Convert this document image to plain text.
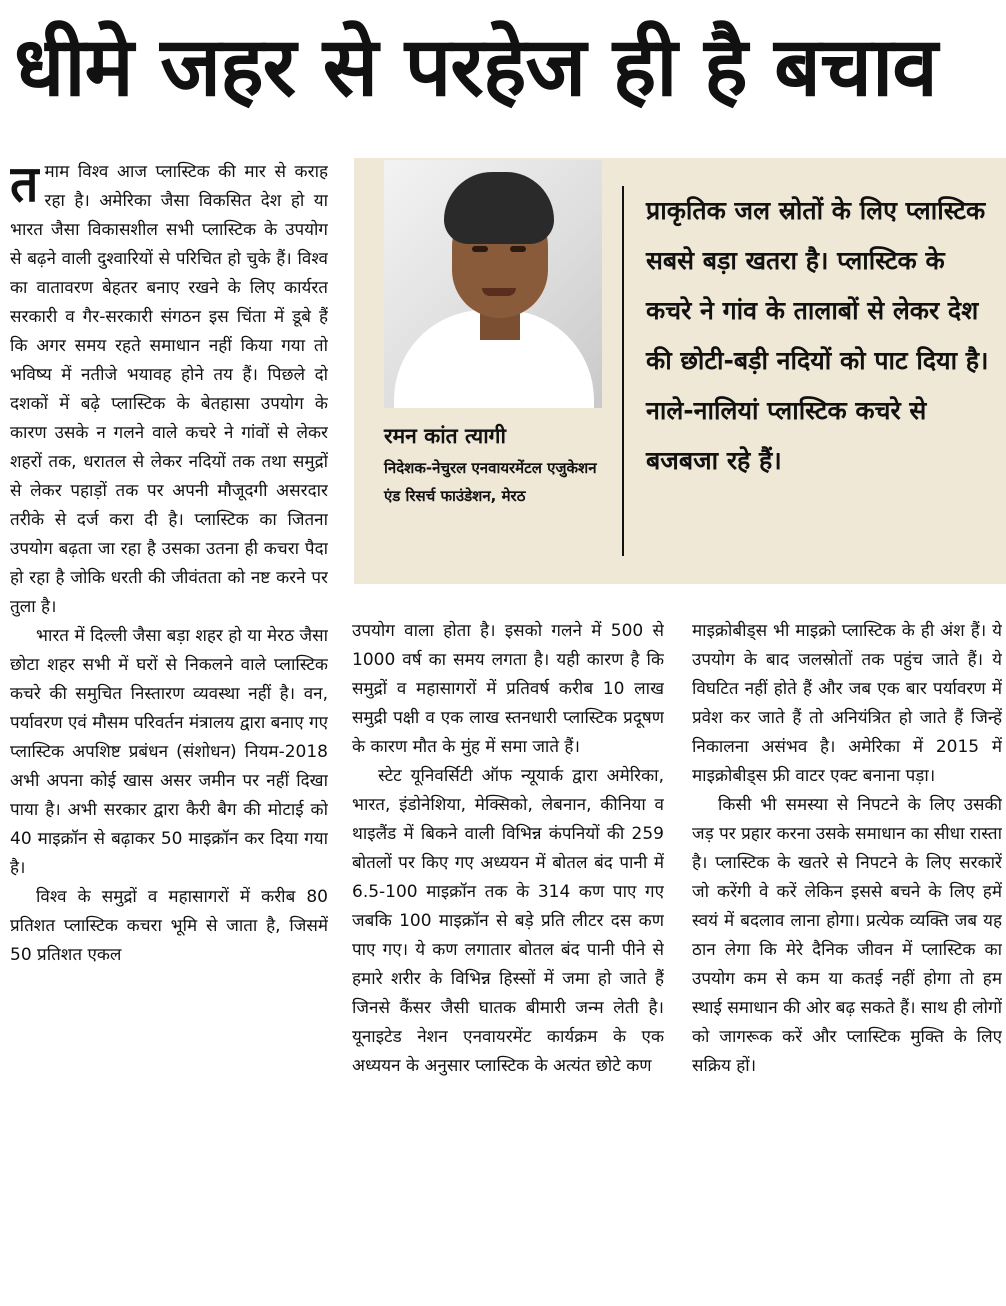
धीमे जहर से परहेज ही है बचाव

तमाम विश्व आज प्लास्टिक की मार से कराह रहा है। अमेरिका जैसा विकसित देश हो या भारत जैसा विकासशील सभी प्लास्टिक के उपयोग से बढ़ने वाली दुश्वारियों से परिचित हो चुके हैं। विश्व का वातावरण बेहतर बनाए रखने के लिए कार्यरत सरकारी व गैर-सरकारी संगठन इस चिंता में डूबे हैं कि अगर समय रहते समाधान नहीं किया गया तो भविष्य में नतीजे भयावह होने तय हैं। पिछले दो दशकों में बढ़े प्लास्टिक के बेतहासा उपयोग के कारण उसके न गलने वाले कचरे ने गांवों से लेकर शहरों तक, धरातल से लेकर नदियों तक तथा समुद्रों से लेकर पहाड़ों तक पर अपनी मौजूदगी असरदार तरीके से दर्ज करा दी है। प्लास्टिक का जितना उपयोग बढ़ता जा रहा है उसका उतना ही कचरा पैदा हो रहा है जोकि धरती की जीवंतता को नष्ट करने पर तुला है।

भारत में दिल्ली जैसा बड़ा शहर हो या मेरठ जैसा छोटा शहर सभी में घरों से निकलने वाले प्लास्टिक कचरे की समुचित निस्तारण व्यवस्था नहीं है। वन, पर्यावरण एवं मौसम परिवर्तन मंत्रालय द्वारा बनाए गए प्लास्टिक अपशिष्ट प्रबंधन (संशोधन) नियम-2018 अभी अपना कोई खास असर जमीन पर नहीं दिखा पाया है। अभी सरकार द्वारा कैरी बैग की मोटाई को 40 माइक्रॉन से बढ़ाकर 50 माइक्रॉन कर दिया गया है।

विश्व के समुद्रों व महासागरों में करीब 80 प्रतिशत प्लास्टिक कचरा भूमि से जाता है, जिसमें 50 प्रतिशत एकल

रमन कांत त्यागी
निदेशक-नेचुरल एनवायरमेंटल एजुकेशन एंड रिसर्च फाउंडेशन, मेरठ
प्राकृतिक जल स्रोतों के लिए प्लास्टिक सबसे बड़ा खतरा है। प्लास्टिक के कचरे ने गांव के तालाबों से लेकर देश की छोटी-बड़ी नदियों को पाट दिया है। नाले-नालियां प्लास्टिक कचरे से बजबजा रहे हैं।

उपयोग वाला होता है। इसको गलने में 500 से 1000 वर्ष का समय लगता है। यही कारण है कि समुद्रों व महासागरों में प्रतिवर्ष करीब 10 लाख समुद्री पक्षी व एक लाख स्तनधारी प्लास्टिक प्रदूषण के कारण मौत के मुंह में समा जाते हैं।

स्टेट यूनिवर्सिटी ऑफ न्यूयार्क द्वारा अमेरिका, भारत, इंडोनेशिया, मेक्सिको, लेबनान, कीनिया व थाइलैंड में बिकने वाली विभिन्न कंपनियों की 259 बोतलों पर किए गए अध्ययन में बोतल बंद पानी में 6.5-100 माइक्रॉन तक के 314 कण पाए गए जबकि 100 माइक्रॉन से बड़े प्रति लीटर दस कण पाए गए। ये कण लगातार बोतल बंद पानी पीने से हमारे शरीर के विभिन्न हिस्सों में जमा हो जाते हैं जिनसे कैंसर जैसी घातक बीमारी जन्म लेती है। यूनाइटेड नेशन एनवायरमेंट कार्यक्रम के एक अध्ययन के अनुसार प्लास्टिक के अत्यंत छोटे कण

माइक्रोबीड्स भी माइक्रो प्लास्टिक के ही अंश हैं। ये उपयोग के बाद जलस्रोतों तक पहुंच जाते हैं। ये विघटित नहीं होते हैं और जब एक बार पर्यावरण में प्रवेश कर जाते हैं तो अनियंत्रित हो जाते हैं जिन्हें निकालना असंभव है। अमेरिका में 2015 में माइक्रोबीड्स फ्री वाटर एक्ट बनाना पड़ा।

किसी भी समस्या से निपटने के लिए उसकी जड़ पर प्रहार करना उसके समाधान का सीधा रास्ता है। प्लास्टिक के खतरे से निपटने के लिए सरकारें जो करेंगी वे करें लेकिन इससे बचने के लिए हमें स्वयं में बदलाव लाना होगा। प्रत्येक व्यक्ति जब यह ठान लेगा कि मेरे दैनिक जीवन में प्लास्टिक का उपयोग कम से कम या कतई नहीं होगा तो हम स्थाई समाधान की ओर बढ़ सकते हैं। साथ ही लोगों को जागरूक करें और प्लास्टिक मुक्ति के लिए सक्रिय हों।
